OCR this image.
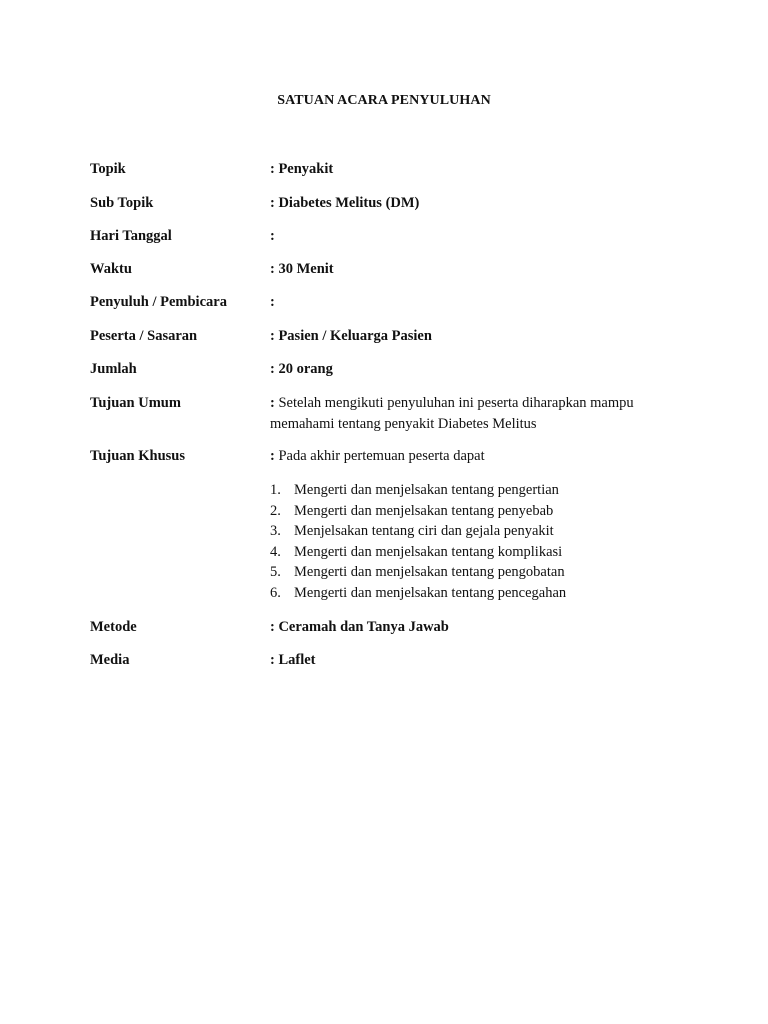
SATUAN ACARA PENYULUHAN
Topik	: Penyakit
Sub Topik	: Diabetes Melitus (DM)
Hari Tanggal	:
Waktu	: 30 Menit
Penyuluh / Pembicara	:
Peserta / Sasaran	: Pasien / Keluarga Pasien
Jumlah	: 20 orang
Tujuan Umum	: Setelah mengikuti penyuluhan ini peserta diharapkan mampu memahami tentang penyakit Diabetes Melitus
Tujuan Khusus	: Pada akhir pertemuan peserta dapat
1. Mengerti dan menjelsakan tentang pengertian
2. Mengerti dan menjelsakan tentang penyebab
3. Menjelsakan tentang ciri dan gejala penyakit
4. Mengerti dan menjelsakan tentang komplikasi
5. Mengerti dan menjelsakan tentang pengobatan
6. Mengerti dan menjelsakan tentang pencegahan
Metode	: Ceramah dan Tanya Jawab
Media	: Laflet
